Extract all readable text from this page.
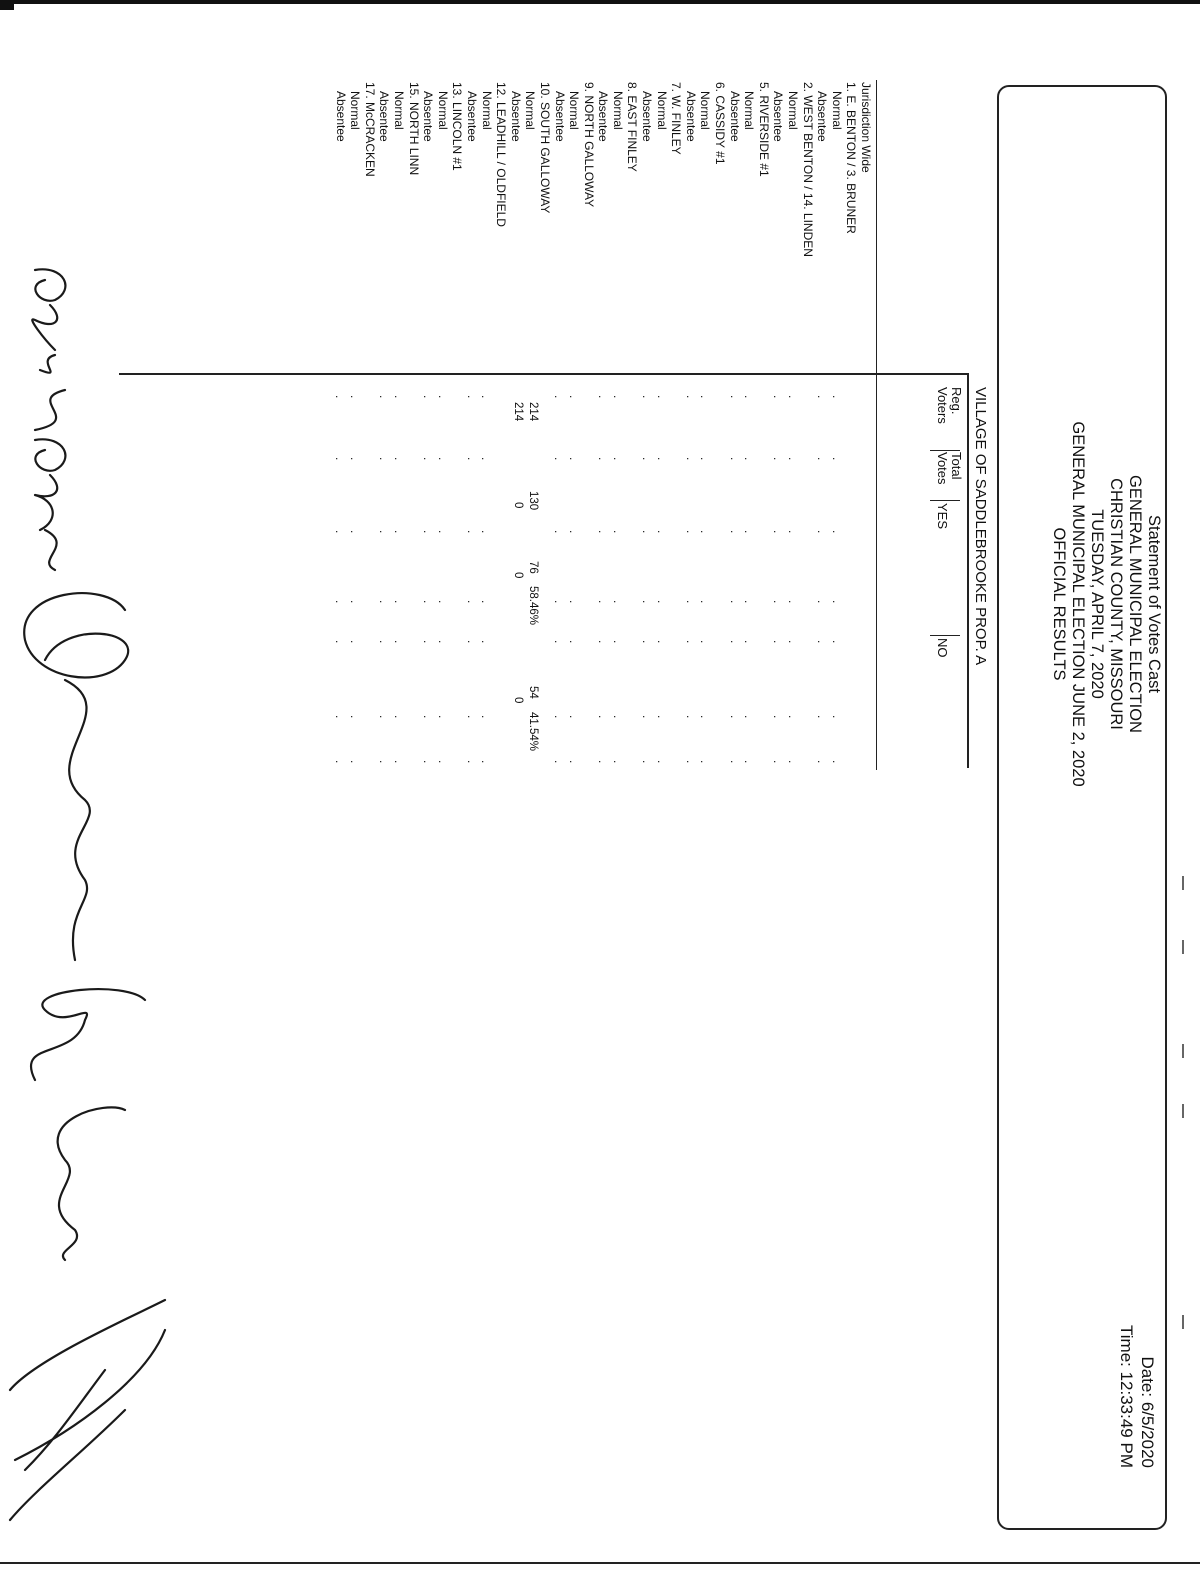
Statement of Votes Cast
GENERAL MUNICIPAL ELECTION
CHRISTIAN COUNTY, MISSOURI
TUESDAY, APRIL 7, 2020
GENERAL MUNICIPAL ELECTION JUNE 2, 2020
OFFICIAL RESULTS
Date: 6/5/2020
Time: 12:33:49 PM
VILLAGE OF SADDLEBROOKE PROP. A
Reg.
Voters
Total
Votes
YES
NO
Jurisdiction Wide
1. E. BENTON / 3. BRUNER
Normal
Absentee
2. WEST BENTON / 14. LINDEN
Normal
Absentee
5. RIVERSIDE #1
Normal
Absentee
6. CASSIDY #1
Normal
Absentee
7. W. FINLEY
Normal
Absentee
8. EAST FINLEY
Normal
Absentee
9. NORTH GALLOWAY
Normal
Absentee
10. SOUTH GALLOWAY
Normal
Absentee
12. LEADHILL / OLDFIELD
Normal
Absentee
13. LINCOLN #1
Normal
Absentee
15. NORTH LINN
Normal
Absentee
17. McCRACKEN
Normal
Absentee
214
130
76
58.46%
54
41.54%
214
0
0
0
.
.
.
.
.
.
.
.
.
.
.
.
.
.
.
.
.
.
.
.
.
.
.
.
.
.
.
.
.
.
.
.
.
.
.
.
.
.
.
.
.
.
.
.
.
.
.
.
.
.
.
.
.
.
.
.
.
.
.
.
.
.
.
.
.
.
.
.
.
.
.
.
.
.
.
.
.
.
.
.
.
.
.
.
.
.
.
.
.
.
.
.
.
.
.
.
.
.
.
.
.
.
.
.
.
.
.
.
.
.
.
.
.
.
.
.
.
.
.
.
.
.
.
.
.
.
.
.
.
.
.
.
.
.
.
.
.
.
.
.
.
.
.
.
.
.
.
.
.
.
.
.
.
.
